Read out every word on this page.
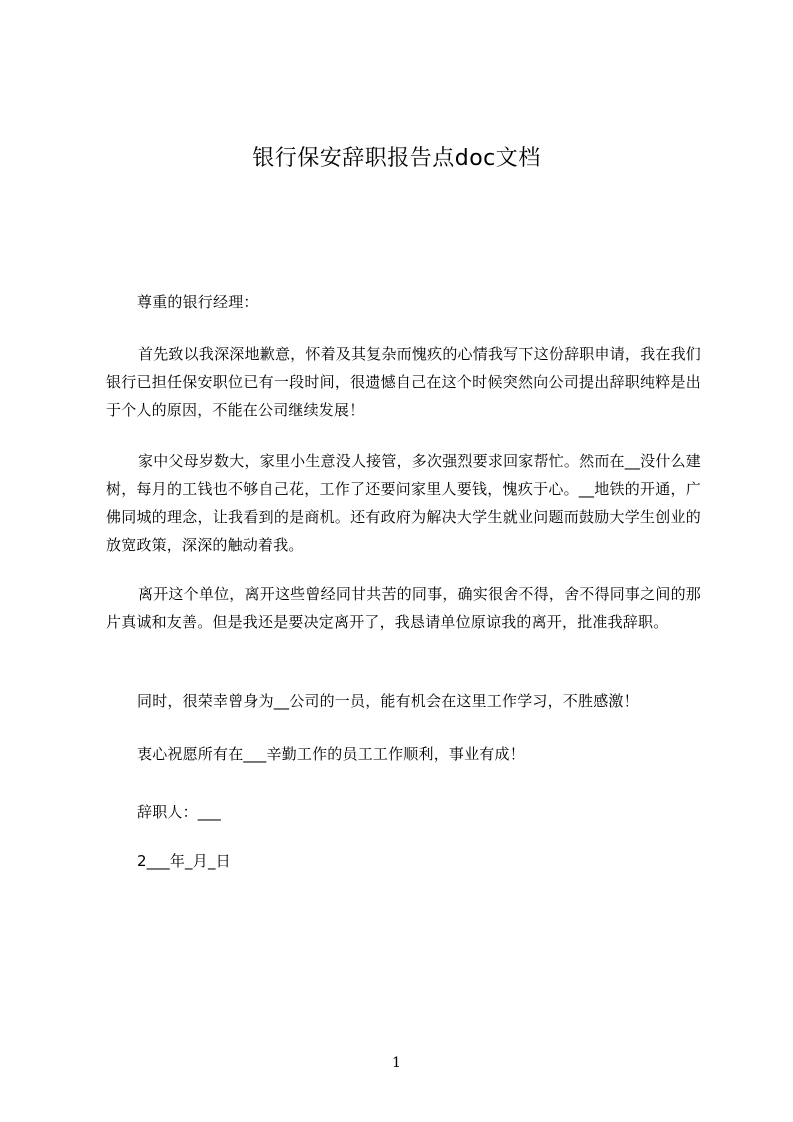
银行保安辞职报告点doc文档
尊重的银行经理：
首先致以我深深地歉意，怀着及其复杂而愧疚的心情我写下这份辞职申请，我在我们银行已担任保安职位已有一段时间，很遗憾自己在这个时候突然向公司提出辞职纯粹是出于个人的原因，不能在公司继续发展！
家中父母岁数大，家里小生意没人接管，多次强烈要求回家帮忙。然而在__没什么建树，每月的工钱也不够自己花，工作了还要问家里人要钱，愧疚于心。__地铁的开通，广佛同城的理念，让我看到的是商机。还有政府为解决大学生就业问题而鼓励大学生创业的放宽政策，深深的触动着我。
离开这个单位，离开这些曾经同甘共苦的同事，确实很舍不得，舍不得同事之间的那片真诚和友善。但是我还是要决定离开了，我恳请单位原谅我的离开，批准我辞职。
同时，很荣幸曾身为__公司的一员，能有机会在这里工作学习，不胜感激！
衷心祝愿所有在___辛勤工作的员工工作顺利，事业有成！
辞职人：___
2___年_月_日
1
